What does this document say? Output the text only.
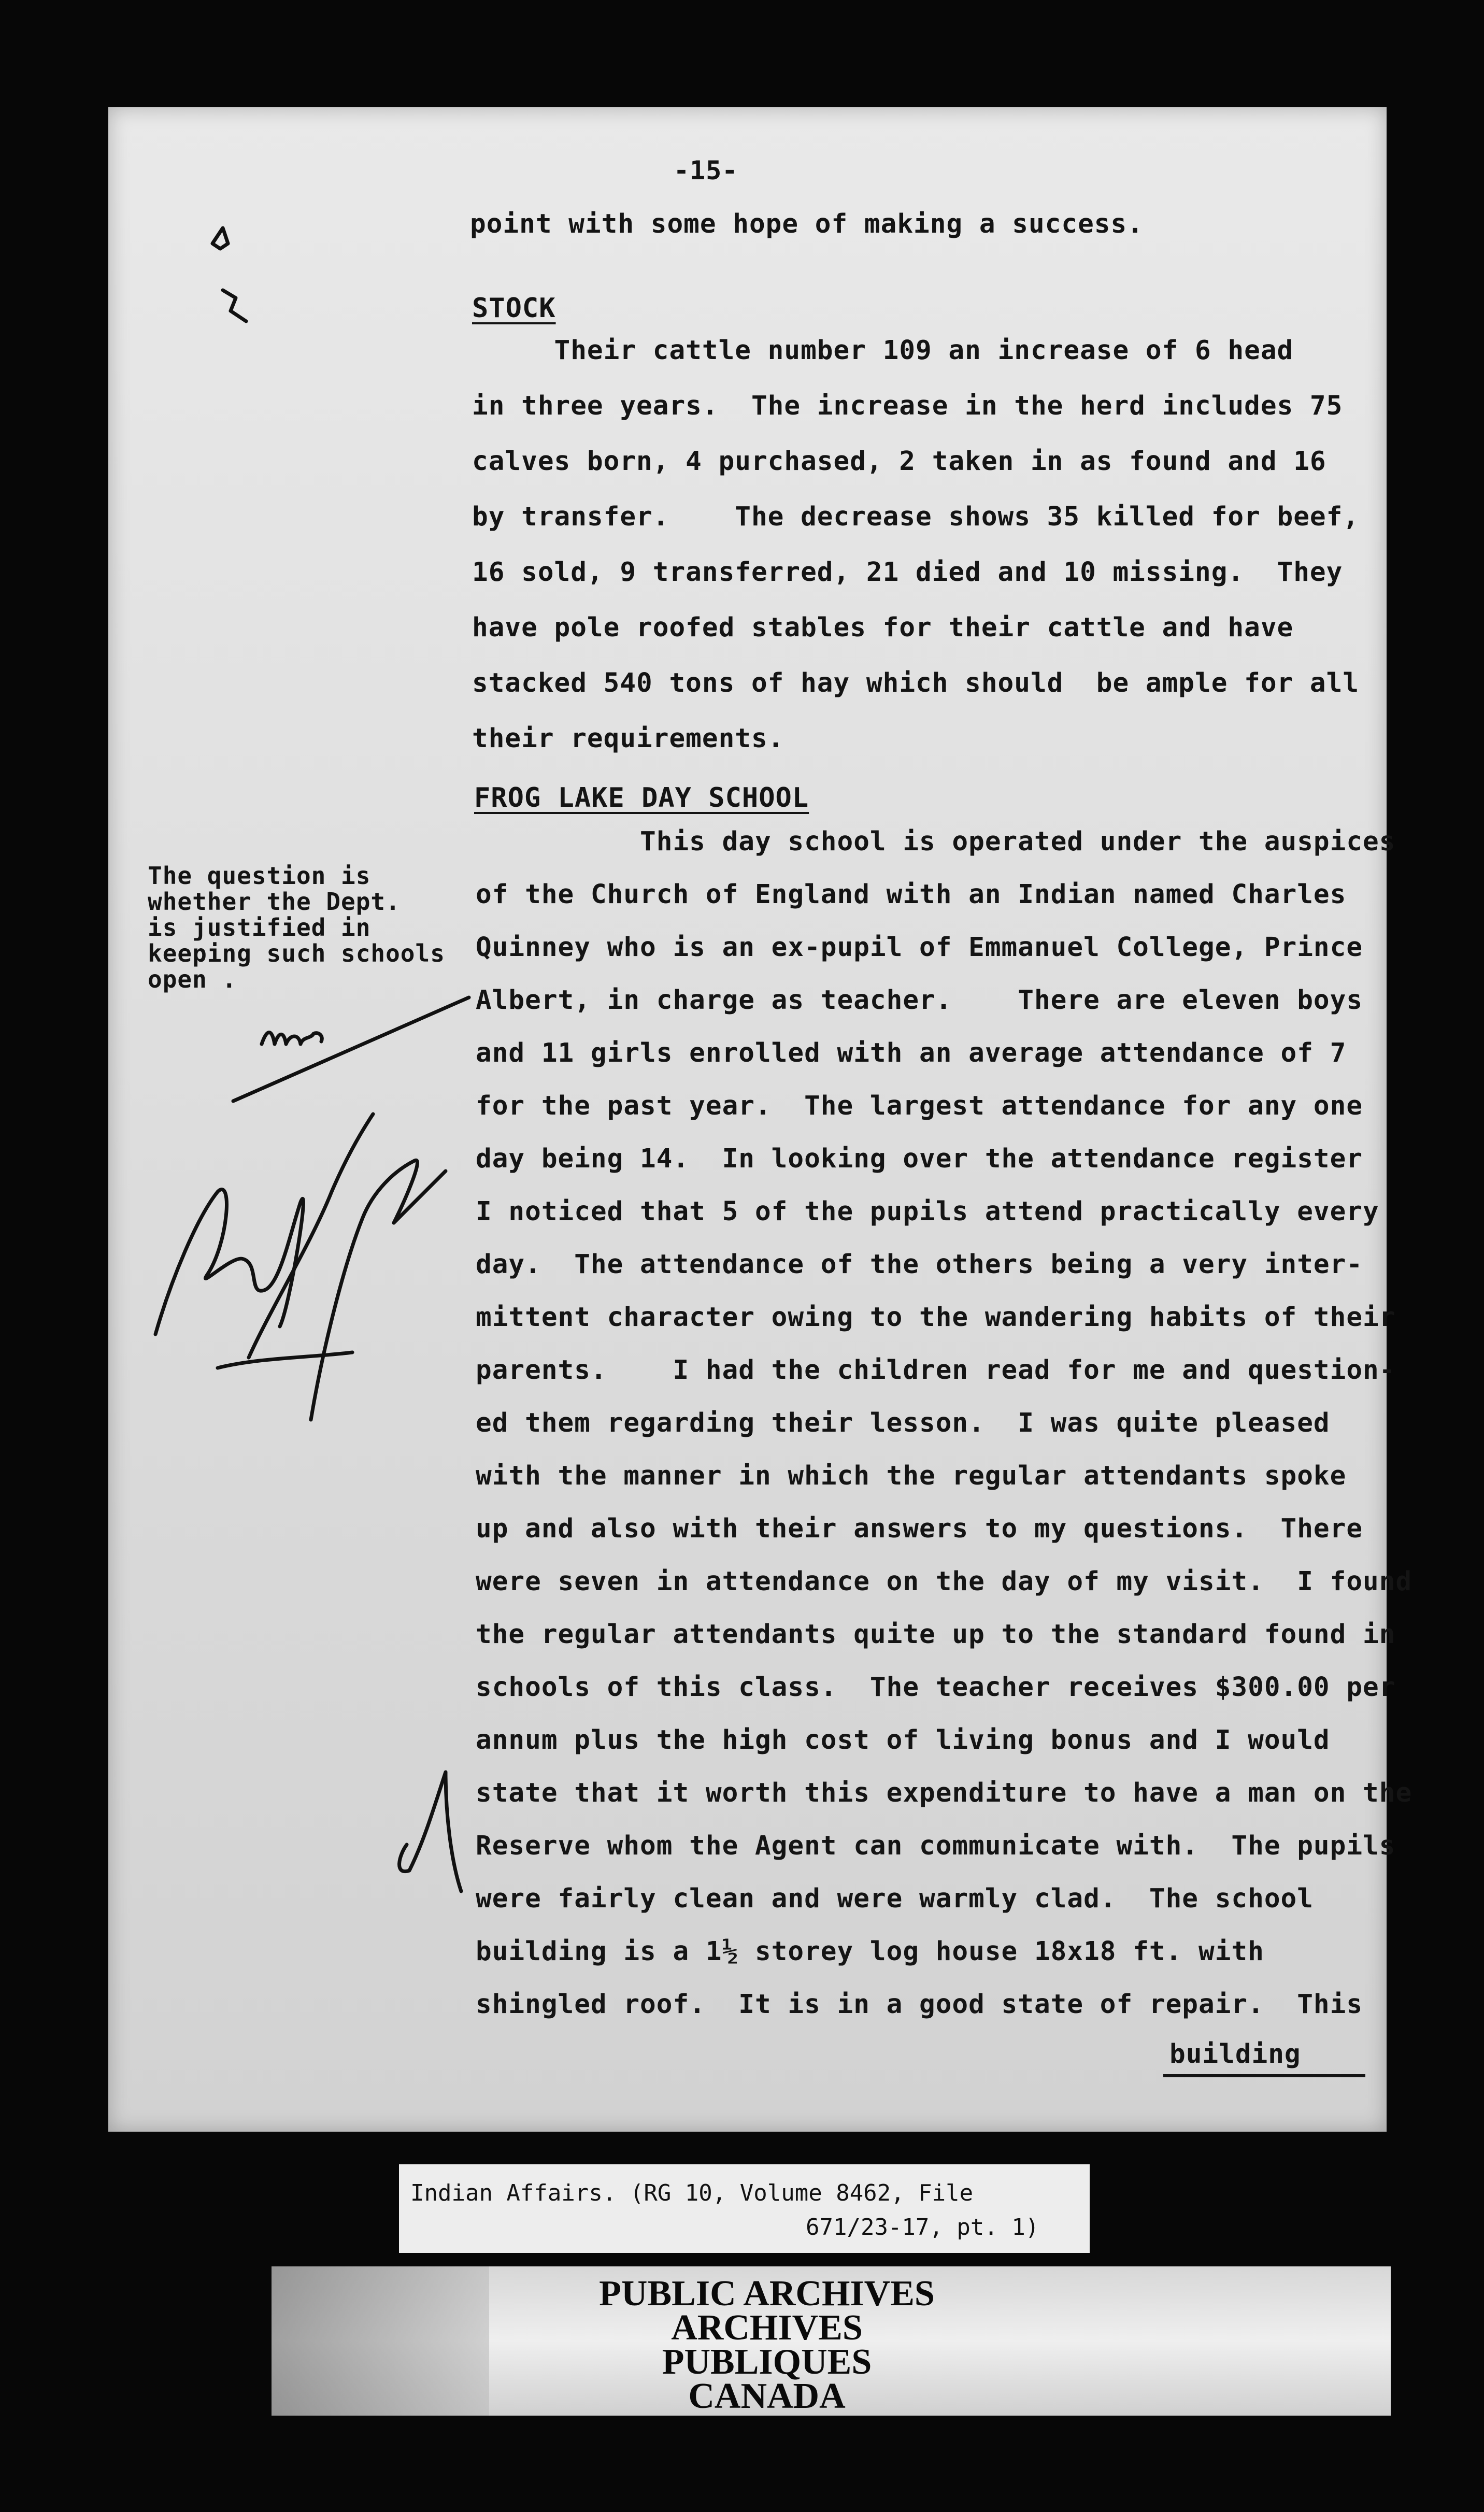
-15-
point with some hope of making a success.
STOCK
Their cattle number 109 an increase of 6 head
in three years.  The increase in the herd includes 75
calves born, 4 purchased, 2 taken in as found and 16
by transfer.    The decrease shows 35 killed for beef,
16 sold, 9 transferred, 21 died and 10 missing.  They
have pole roofed stables for their cattle and have
stacked 540 tons of hay which should  be ample for all
their requirements.
FROG LAKE DAY SCHOOL
This day school is operated under the auspices
of the Church of England with an Indian named Charles
Quinney who is an ex-pupil of Emmanuel College, Prince
Albert, in charge as teacher.    There are eleven boys
and 11 girls enrolled with an average attendance of 7
for the past year.  The largest attendance for any one
day being 14.  In looking over the attendance register
I noticed that 5 of the pupils attend practically every
day.  The attendance of the others being a very inter-
mittent character owing to the wandering habits of their
parents.    I had the children read for me and question-
ed them regarding their lesson.  I was quite pleased
with the manner in which the regular attendants spoke
up and also with their answers to my questions.  There
were seven in attendance on the day of my visit.  I found
the regular attendants quite up to the standard found in
schools of this class.  The teacher receives $300.00 per
annum plus the high cost of living bonus and I would
state that it worth this expenditure to have a man on the
Reserve whom the Agent can communicate with.  The pupils
were fairly clean and were warmly clad.  The school
building is a 1½ storey log house 18x18 ft. with
shingled roof.  It is in a good state of repair.  This
building
The question is
whether the Dept.
is justified in
keeping such schools
open .
Indian Affairs. (RG 10, Volume 8462, File
671/23-17, pt. 1)
PUBLIC ARCHIVES
ARCHIVES PUBLIQUES
CANADA
